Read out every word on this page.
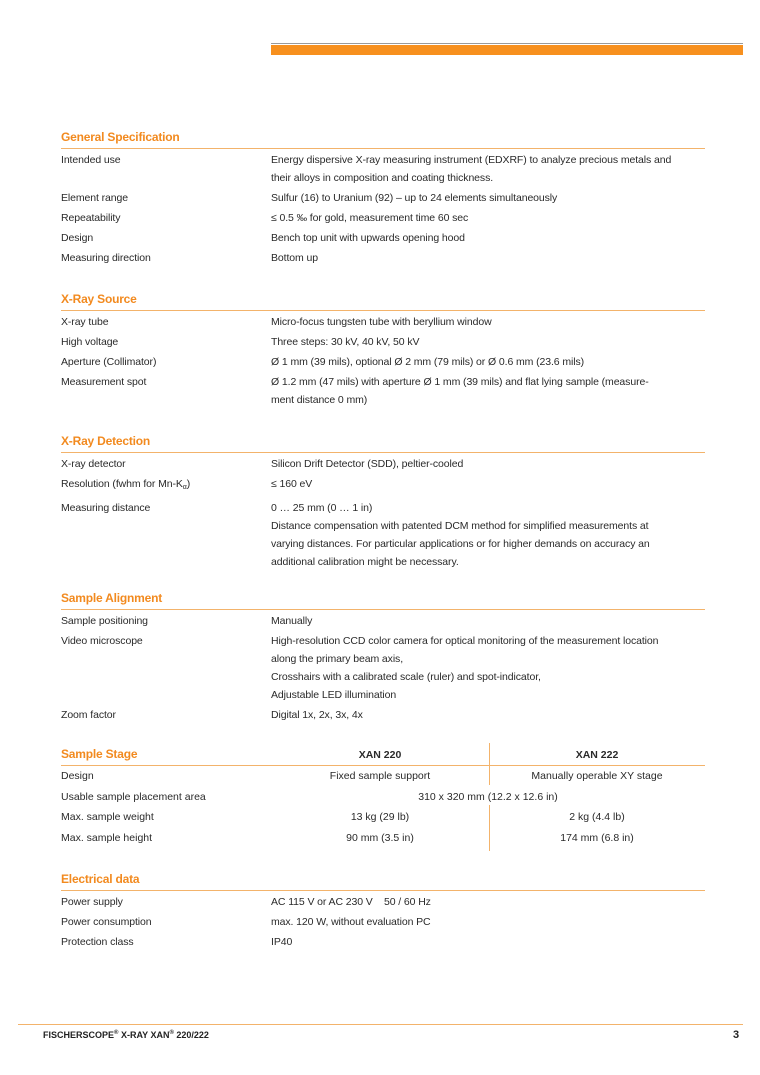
General Specification
Intended use	Energy dispersive X-ray measuring instrument (EDXRF) to analyze precious metals and
their alloys in composition and coating thickness.
Element range	Sulfur (16) to Uranium (92) – up to 24 elements simultaneously
Repeatability	≤ 0.5 ‰ for gold, measurement time 60 sec
Design	Bench top unit with upwards opening hood
Measuring direction	Bottom up
X-Ray Source
X-ray tube	Micro-focus tungsten tube with beryllium window
High voltage	Three steps: 30 kV, 40 kV, 50 kV
Aperture (Collimator)	Ø 1 mm (39 mils), optional Ø 2 mm (79 mils) or Ø 0.6 mm (23.6 mils)
Measurement spot	Ø 1.2 mm (47 mils) with aperture Ø 1 mm (39 mils) and flat lying sample (measure-
ment distance 0 mm)
X-Ray Detection
X-ray detector	Silicon Drift Detector (SDD), peltier-cooled
Resolution (fwhm for $Mn-K_\alpha$)	≤ 160 eV
Measuring distance	0 … 25 mm (0 … 1 in)
Distance compensation with patented DCM method for simplified measurements at
varying distances. For particular applications or for higher demands on accuracy an
additional calibration might be necessary.
Sample Alignment
Sample positioning	Manually
Video microscope	High-resolution CCD color camera for optical monitoring of the measurement location
along the primary beam axis,
Crosshairs with a calibrated scale (ruler) and spot-indicator,
Adjustable LED illumination
Zoom factor	Digital 1x, 2x, 3x, 4x
Sample Stage	XAN 220	XAN 222
Design	Fixed sample support	Manually operable XY stage
Usable sample placement area	310 x 320 mm (12.2 x 12.6 in)
Max. sample weight	13 kg (29 lb)	2 kg (4.4 lb)
Max. sample height	90 mm (3.5 in)	174 mm (6.8 in)
Electrical data
Power supply	AC 115 V or AC 230 V    50 / 60 Hz
Power consumption	max. 120 W, without evaluation PC
Protection class	IP40
FISCHERSCOPE® X-RAY XAN® 220/222	3
